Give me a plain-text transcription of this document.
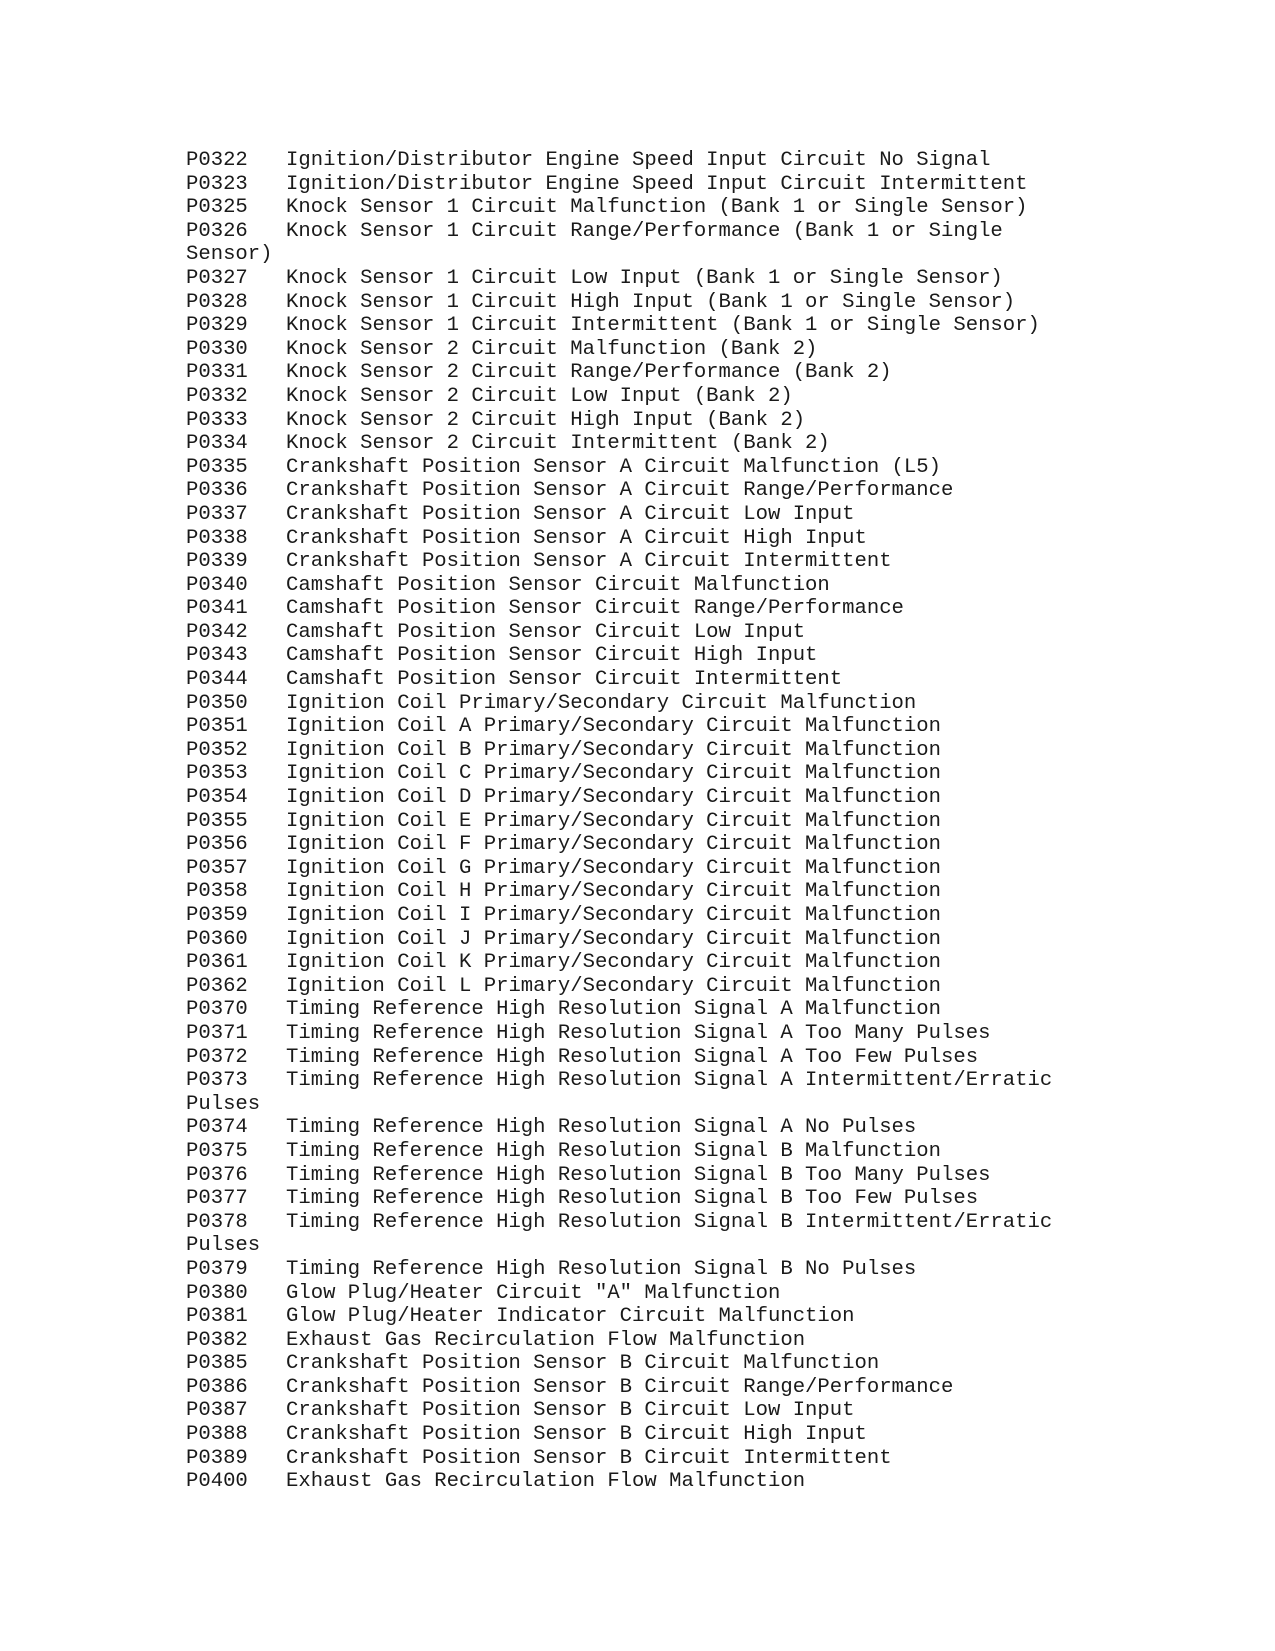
P0322 Ignition/Distributor Engine Speed Input Circuit No Signal
P0323 Ignition/Distributor Engine Speed Input Circuit Intermittent
P0325 Knock Sensor 1 Circuit Malfunction (Bank 1 or Single Sensor)
P0326 Knock Sensor 1 Circuit Range/Performance (Bank 1 or Single
Sensor)
P0327 Knock Sensor 1 Circuit Low Input (Bank 1 or Single Sensor)
P0328 Knock Sensor 1 Circuit High Input (Bank 1 or Single Sensor)
P0329 Knock Sensor 1 Circuit Intermittent (Bank 1 or Single Sensor)
P0330 Knock Sensor 2 Circuit Malfunction (Bank 2)
P0331 Knock Sensor 2 Circuit Range/Performance (Bank 2)
P0332 Knock Sensor 2 Circuit Low Input (Bank 2)
P0333 Knock Sensor 2 Circuit High Input (Bank 2)
P0334 Knock Sensor 2 Circuit Intermittent (Bank 2)
P0335 Crankshaft Position Sensor A Circuit Malfunction (L5)
P0336 Crankshaft Position Sensor A Circuit Range/Performance
P0337 Crankshaft Position Sensor A Circuit Low Input
P0338 Crankshaft Position Sensor A Circuit High Input
P0339 Crankshaft Position Sensor A Circuit Intermittent
P0340 Camshaft Position Sensor Circuit Malfunction
P0341 Camshaft Position Sensor Circuit Range/Performance
P0342 Camshaft Position Sensor Circuit Low Input
P0343 Camshaft Position Sensor Circuit High Input
P0344 Camshaft Position Sensor Circuit Intermittent
P0350 Ignition Coil Primary/Secondary Circuit Malfunction
P0351 Ignition Coil A Primary/Secondary Circuit Malfunction
P0352 Ignition Coil B Primary/Secondary Circuit Malfunction
P0353 Ignition Coil C Primary/Secondary Circuit Malfunction
P0354 Ignition Coil D Primary/Secondary Circuit Malfunction
P0355 Ignition Coil E Primary/Secondary Circuit Malfunction
P0356 Ignition Coil F Primary/Secondary Circuit Malfunction
P0357 Ignition Coil G Primary/Secondary Circuit Malfunction
P0358 Ignition Coil H Primary/Secondary Circuit Malfunction
P0359 Ignition Coil I Primary/Secondary Circuit Malfunction
P0360 Ignition Coil J Primary/Secondary Circuit Malfunction
P0361 Ignition Coil K Primary/Secondary Circuit Malfunction
P0362 Ignition Coil L Primary/Secondary Circuit Malfunction
P0370 Timing Reference High Resolution Signal A Malfunction
P0371 Timing Reference High Resolution Signal A Too Many Pulses
P0372 Timing Reference High Resolution Signal A Too Few Pulses
P0373 Timing Reference High Resolution Signal A Intermittent/Erratic
Pulses
P0374 Timing Reference High Resolution Signal A No Pulses
P0375 Timing Reference High Resolution Signal B Malfunction
P0376 Timing Reference High Resolution Signal B Too Many Pulses
P0377 Timing Reference High Resolution Signal B Too Few Pulses
P0378 Timing Reference High Resolution Signal B Intermittent/Erratic
Pulses
P0379 Timing Reference High Resolution Signal B No Pulses
P0380 Glow Plug/Heater Circuit "A" Malfunction
P0381 Glow Plug/Heater Indicator Circuit Malfunction
P0382 Exhaust Gas Recirculation Flow Malfunction
P0385 Crankshaft Position Sensor B Circuit Malfunction
P0386 Crankshaft Position Sensor B Circuit Range/Performance
P0387 Crankshaft Position Sensor B Circuit Low Input
P0388 Crankshaft Position Sensor B Circuit High Input
P0389 Crankshaft Position Sensor B Circuit Intermittent
P0400 Exhaust Gas Recirculation Flow Malfunction
